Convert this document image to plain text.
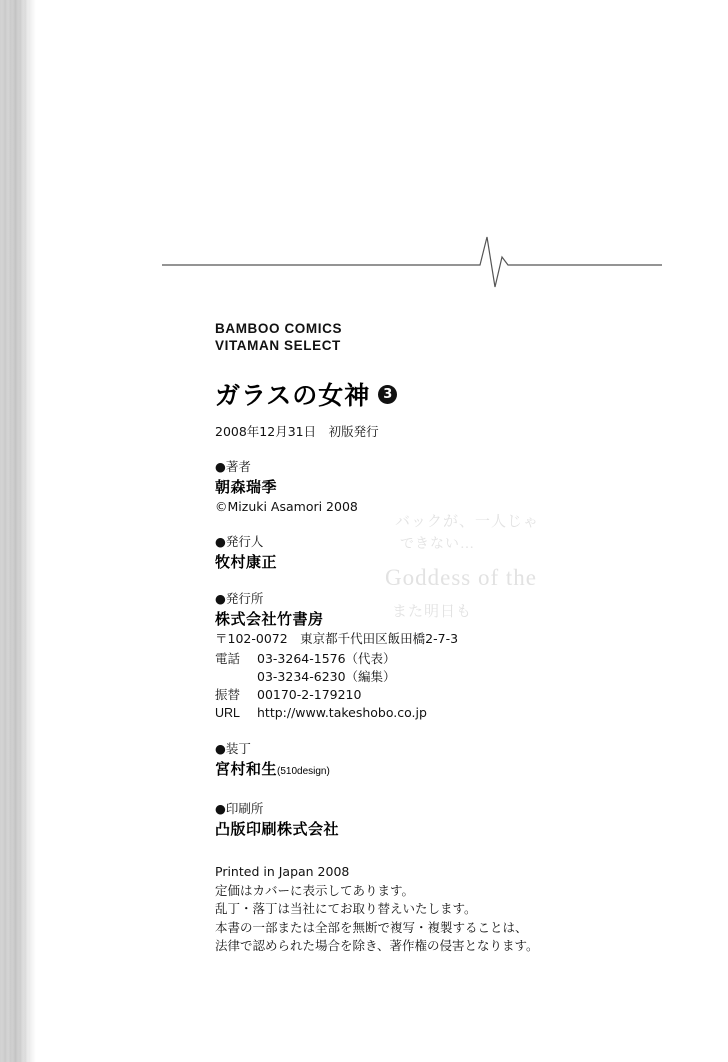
バックが、一人じゃ
できない…
Goddess of the
また明日も
BAMBOO COMICS
VITAMAN SELECT
ガラスの女神 3
2008年12月31日　初版発行
●著者
朝森瑞季
©Mizuki Asamori 2008
●発行人
牧村康正
●発行所
株式会社竹書房
〒102-0072　東京都千代田区飯田橋2-7-3
電話 03-3264-1576（代表）
03-3234-6230（編集）
振替 00170-2-179210
URL http://www.takeshobo.co.jp
●装丁
宮村和生(510design)
●印刷所
凸版印刷株式会社
Printed in Japan 2008
定価はカバーに表示してあります。
乱丁・落丁は当社にてお取り替えいたします。
本書の一部または全部を無断で複写・複製することは、
法律で認められた場合を除き、著作権の侵害となります。
